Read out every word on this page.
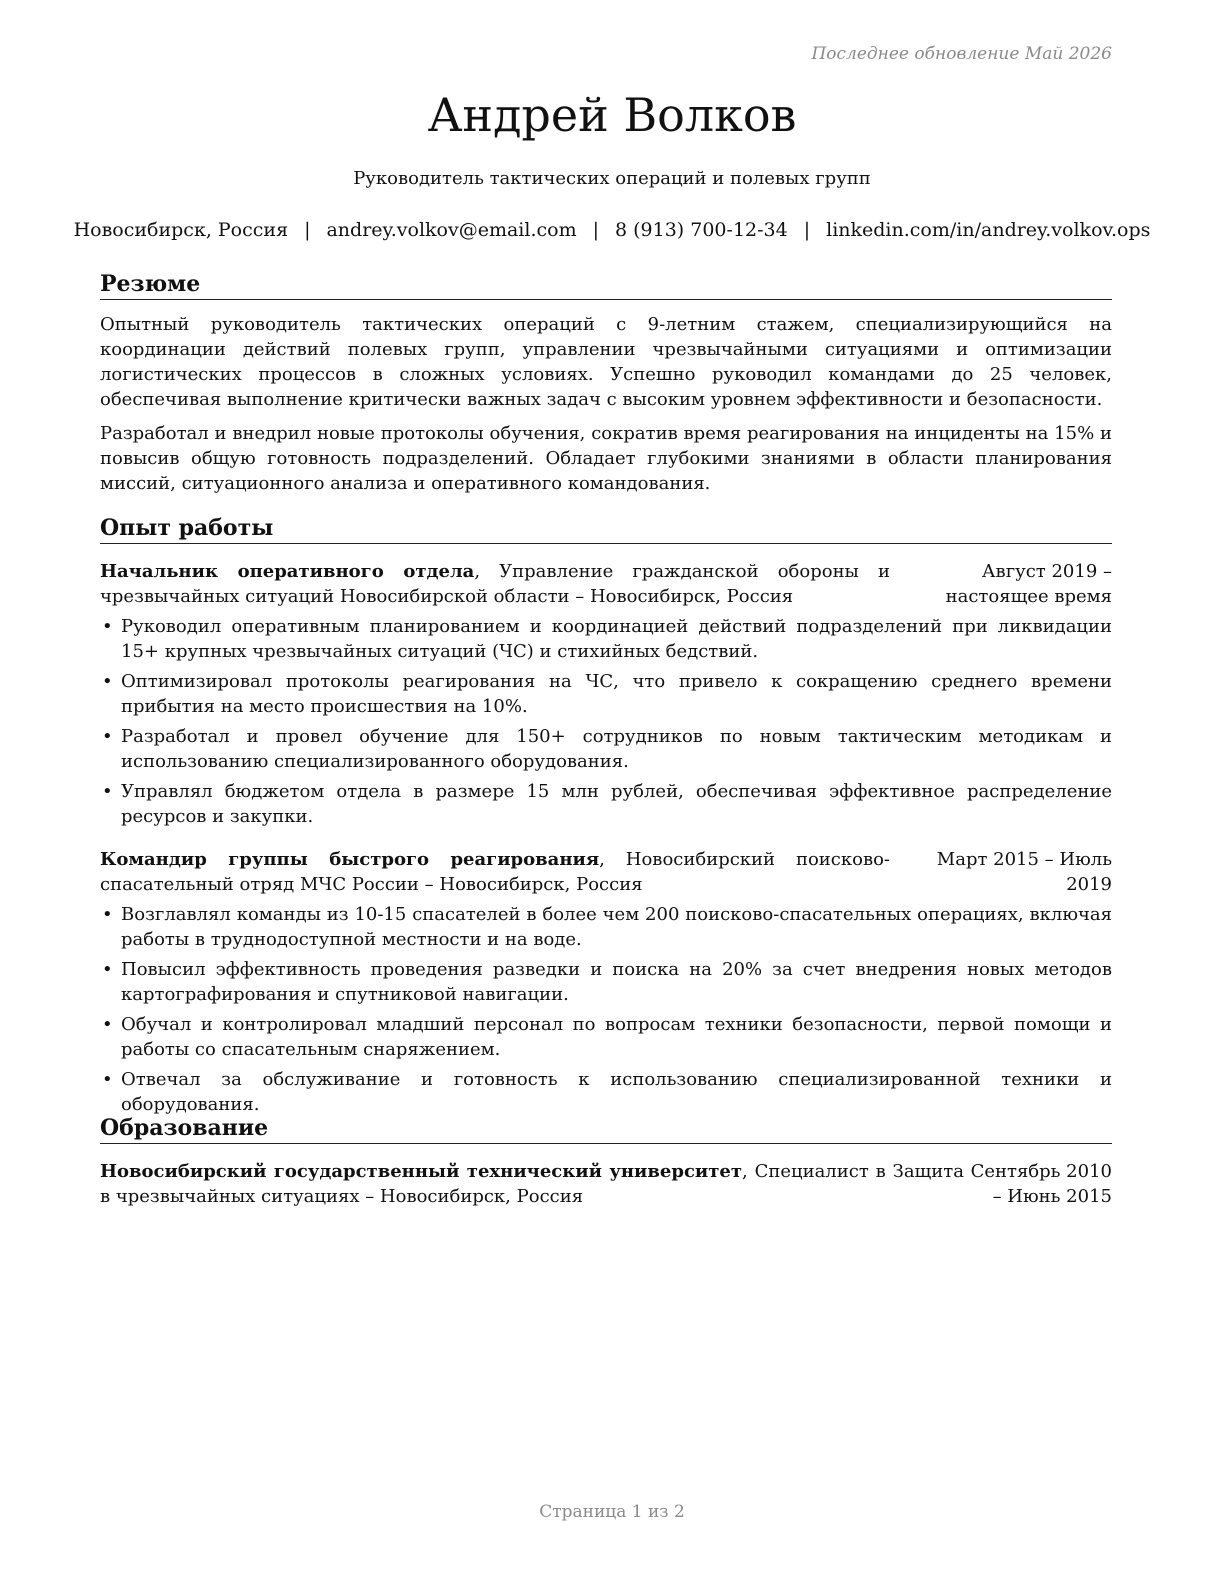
Последнее обновление Май 2026
Андрей Волков
Руководитель тактических операций и полевых групп
Новосибирск, Россия | andrey.volkov@email.com | 8 (913) 700-12-34 | linkedin.com/in/andrey.volkov.ops
Резюме

Опытный руководитель тактических операций с 9-летним стажем, специализирующийся на координации действий полевых групп, управлении чрезвычайными ситуациями и оптимизации логистических процессов в сложных условиях. Успешно руководил командами до 25 человек, обеспечивая выполнение критически важных задач с высоким уровнем эффективности и безопасности.

Разработал и внедрил новые протоколы обучения, сократив время реагирования на инциденты на 15% и повысив общую готовность подразделений. Обладает глубокими знаниями в области планирования миссий, ситуационного анализа и оперативного командования.

Опыт работы
Начальник оперативного отдела, Управление гражданской обороны и чрезвычайных ситуаций Новосибирской области – Новосибирск, Россия
Август 2019 – настоящее время
• Руководил оперативным планированием и координацией действий подразделений при ликвидации 15+ крупных чрезвычайных ситуаций (ЧС) и стихийных бедствий.
• Оптимизировал протоколы реагирования на ЧС, что привело к сокращению среднего времени прибытия на место происшествия на 10%.
• Разработал и провел обучение для 150+ сотрудников по новым тактическим методикам и использованию специализированного оборудования.
• Управлял бюджетом отдела в размере 15 млн рублей, обеспечивая эффективное распределение ресурсов и закупки.
Командир группы быстрого реагирования, Новосибирский поисково-спасательный отряд МЧС России – Новосибирск, Россия
Март 2015 – Июль 2019
• Возглавлял команды из 10-15 спасателей в более чем 200 поисково-спасательных операциях, включая работы в труднодоступной местности и на воде.
• Повысил эффективность проведения разведки и поиска на 20% за счет внедрения новых методов картографирования и спутниковой навигации.
• Обучал и контролировал младший персонал по вопросам техники безопасности, первой помощи и работы со спасательным снаряжением.
• Отвечал за обслуживание и готовность к использованию специализированной техники и оборудования.
Образование
Новосибирский государственный технический университет, Специалист в Защита в чрезвычайных ситуациях – Новосибирск, Россия
Сентябрь 2010 – Июнь 2015
Страница 1 из 2
